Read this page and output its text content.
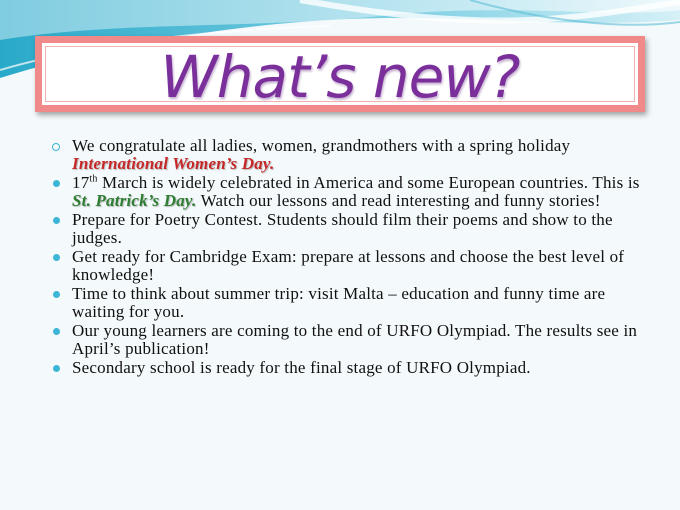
What’s new?
We congratulate all ladies, women, grandmothers with a spring holiday International Women’s Day.
17th March is widely celebrated in America and some European countries. This is St. Patrick’s Day. Watch our lessons and read interesting and funny stories!
Prepare for Poetry Contest. Students should film their poems and show to the judges.
Get ready for Cambridge Exam: prepare at lessons and choose the best level of knowledge!
Time to think about summer trip: visit Malta – education and funny time are waiting for you.
Our young learners are coming to the end of URFO Olympiad. The results see in April’s publication!
Secondary school is ready for the final stage of URFO Olympiad.
